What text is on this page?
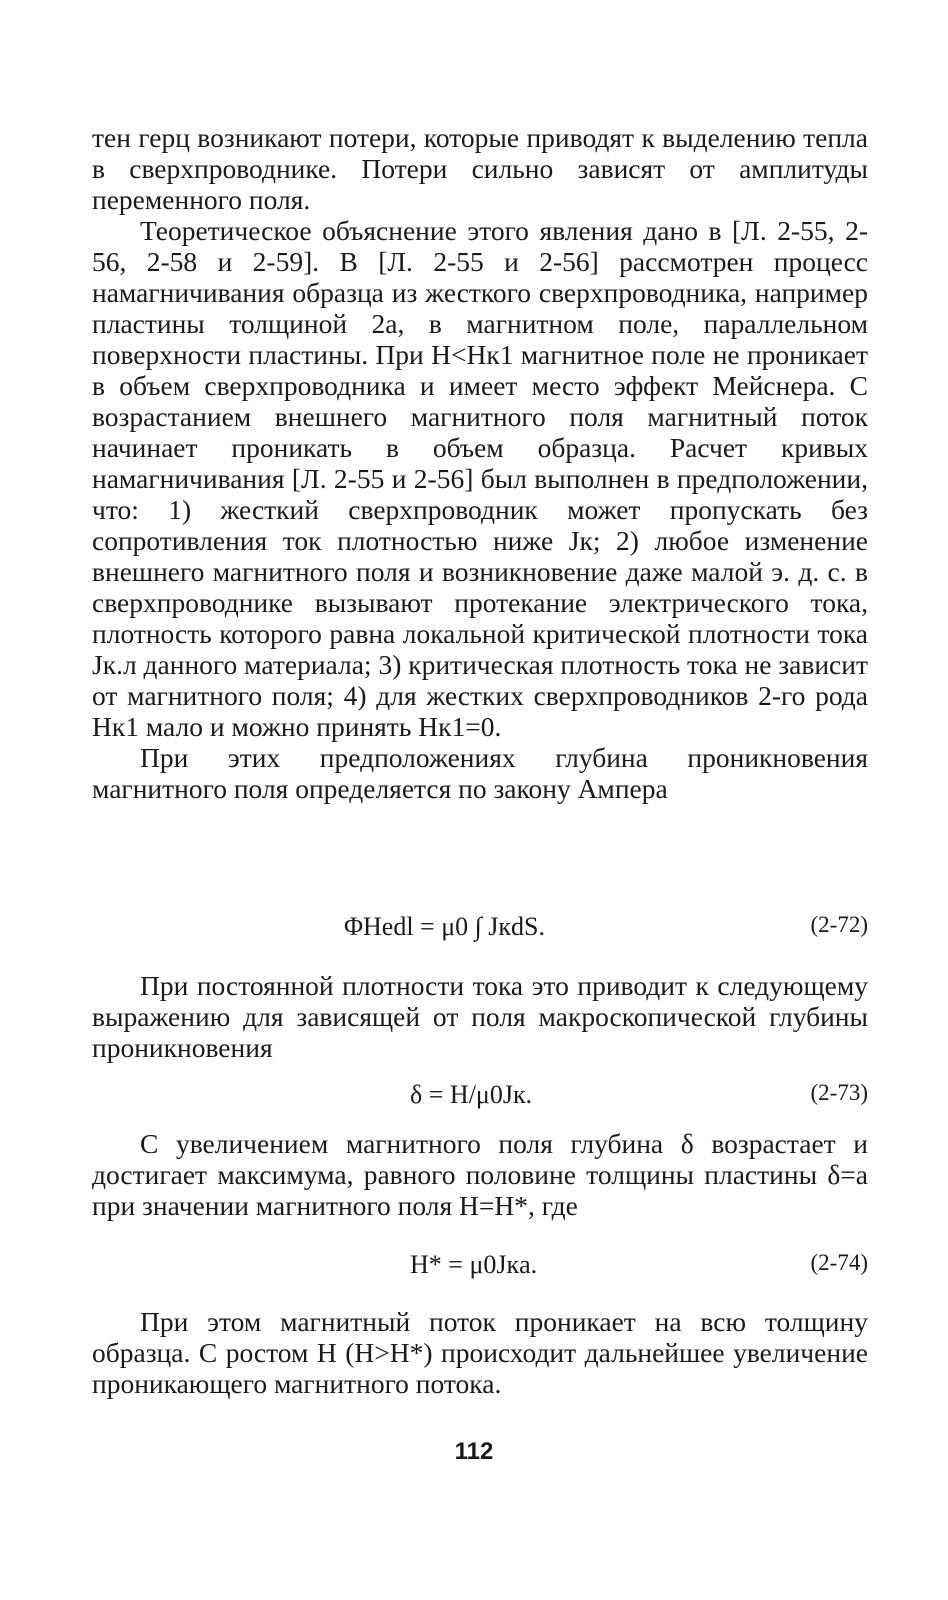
тен герц возникают потери, которые приводят к выделению тепла в сверхпроводнике. Потери сильно зависят от амплитуды переменного поля.

Теоретическое объяснение этого явления дано в [Л. 2-55, 2-56, 2-58 и 2-59]. В [Л. 2-55 и 2-56] рассмотрен процесс намагничивания образца из жесткого сверхпроводника, например пластины толщиной 2a, в магнитном поле, параллельном поверхности пластины. При H<Hк1 магнитное поле не проникает в объем сверхпроводника и имеет место эффект Мейснера. С возрастанием внешнего магнитного поля магнитный поток начинает проникать в объем образца. Расчет кривых намагничивания [Л. 2-55 и 2-56] был выполнен в предположении, что: 1) жесткий сверхпроводник может пропускать без сопротивления ток плотностью ниже Jк; 2) любое изменение внешнего магнитного поля и возникновение даже малой э. д. с. в сверхпроводнике вызывают протекание электрического тока, плотность которого равна локальной критической плотности тока Jк.л данного материала; 3) критическая плотность тока не зависит от магнитного поля; 4) для жестких сверхпроводников 2-го рода Hк1 мало и можно принять Hк1=0.

При этих предположениях глубина проникновения магнитного поля определяется по закону Ампера

ΦHedl = μ0 ∫ JкdS.	(2-72)

При постоянной плотности тока это приводит к следующему выражению для зависящей от поля макроскопической глубины проникновения

δ = H/μ0Jк.	(2-73)

С увеличением магнитного поля глубина δ возрастает и достигает максимума, равного половине толщины пластины δ=a при значении магнитного поля H=H*, где

H* = μ0Jкa.	(2-74)

При этом магнитный поток проникает на всю толщину образца. С ростом H (H>H*) происходит дальнейшее увеличение проникающего магнитного потока.

112
